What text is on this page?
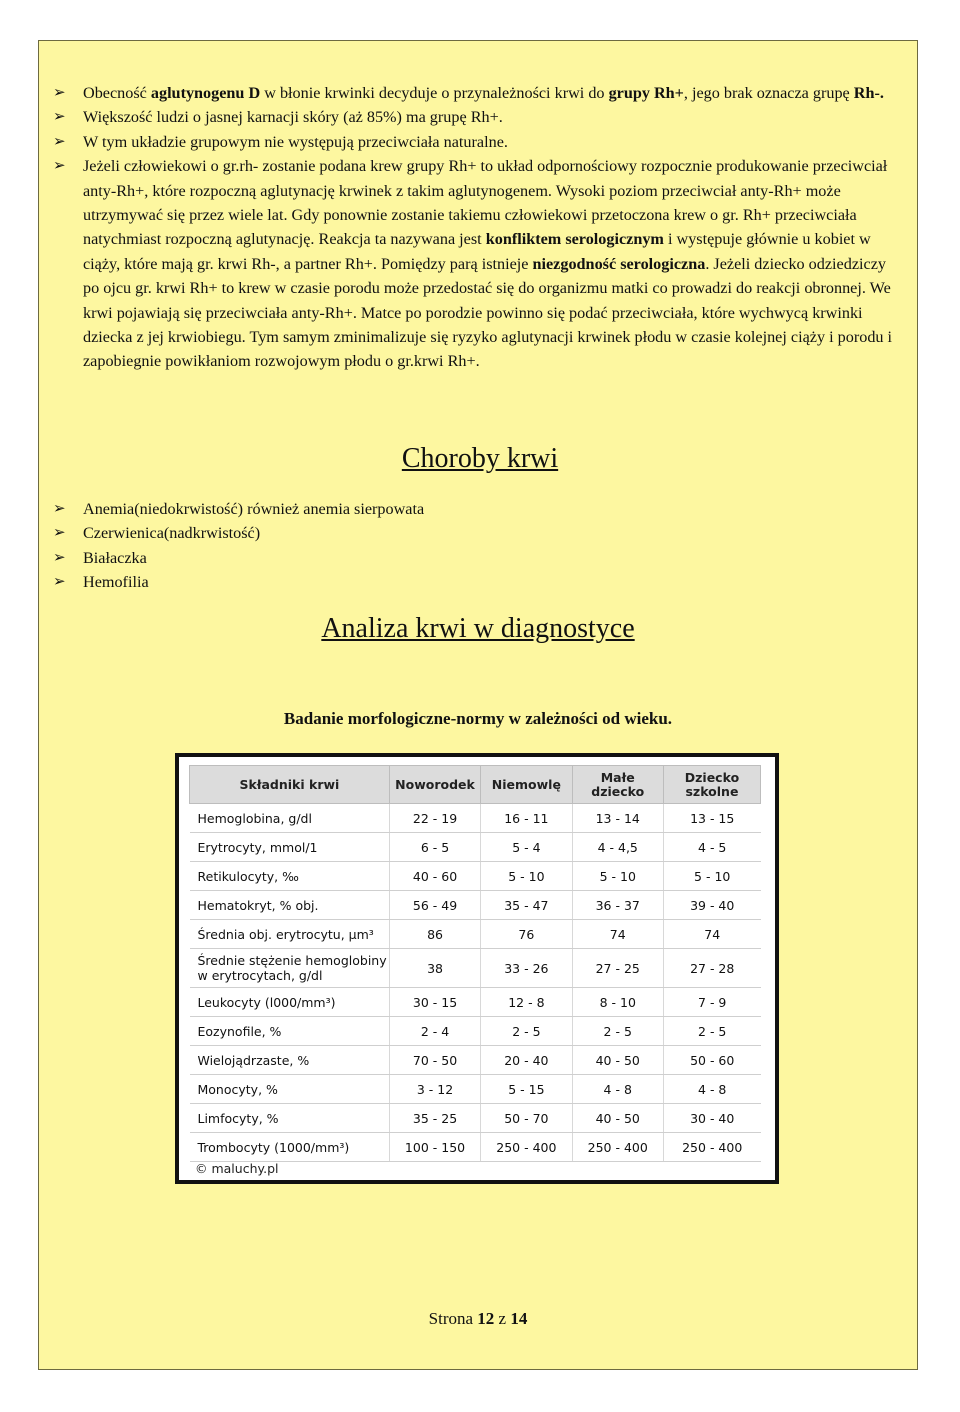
➢ Obecność aglutynogenu D w błonie krwinki decyduje o przynależności krwi do grupy Rh+, jego brak oznacza grupę Rh-.
➢ Większość ludzi o jasnej karnacji skóry (aż 85%) ma grupę Rh+.
➢ W tym układzie grupowym nie występują przeciwciała naturalne.
➢ Jeżeli człowiekowi o gr.rh- zostanie podana krew grupy Rh+ to układ odpornościowy rozpocznie produkowanie przeciwciał anty-Rh+, które rozpoczną aglutynację krwinek z takim aglutynogenem. Wysoki poziom przeciwciał anty-Rh+ może utrzymywać się przez wiele lat. Gdy ponownie zostanie takiemu człowiekowi przetoczona krew o gr. Rh+ przeciwciała natychmiast rozpoczną aglutynację. Reakcja ta nazywana jest konfliktem serologicznym i występuje głównie u kobiet w ciąży, które mają gr. krwi Rh-, a partner Rh+. Pomiędzy parą istnieje niezgodność serologiczna. Jeżeli dziecko odziedziczy po ojcu gr. krwi Rh+ to krew w czasie porodu może przedostać się do organizmu matki co prowadzi do reakcji obronnej. We krwi pojawiają się przeciwciała anty-Rh+. Matce po porodzie powinno się podać przeciwciała, które wychwycą krwinki dziecka z jej krwiobiegu. Tym samym zminimalizuje się ryzyko aglutynacji krwinek płodu w czasie kolejnej ciąży i porodu i zapobiegnie powikłaniom rozwojowym płodu o gr.krwi Rh+.
Choroby krwi
➢ Anemia(niedokrwistość) również anemia sierpowata
➢ Czerwienica(nadkrwistość)
➢ Białaczka
➢ Hemofilia
Analiza krwi w diagnostyce
Badanie morfologiczne-normy w zależności od wieku.
Składniki krwi	Noworodek	Niemowlę	Małe dziecko	Dziecko szkolne
Hemoglobina, g/dl	22 - 19	16 - 11	13 - 14	13 - 15
Erytrocyty, mmol/1	6 - 5	5 - 4	4 - 4,5	4 - 5
Retikulocyty, ‰	40 - 60	5 - 10	5 - 10	5 - 10
Hematokryt, % obj.	56 - 49	35 - 47	36 - 37	39 - 40
Średnia obj. erytrocytu, µm³	86	76	74	74
Średnie stężenie hemoglobiny w erytrocytach, g/dl	38	33 - 26	27 - 25	27 - 28
Leukocyty (l000/mm³)	30 - 15	12 - 8	8 - 10	7 - 9
Eozynofile, %	2 - 4	2 - 5	2 - 5	2 - 5
Wielojądrzaste, %	70 - 50	20 - 40	40 - 50	50 - 60
Monocyty, %	3 - 12	5 - 15	4 - 8	4 - 8
Limfocyty, %	35 - 25	50 - 70	40 - 50	30 - 40
Trombocyty (1000/mm³)	100 - 150	250 - 400	250 - 400	250 - 400
© maluchy.pl
Strona 12 z 14
